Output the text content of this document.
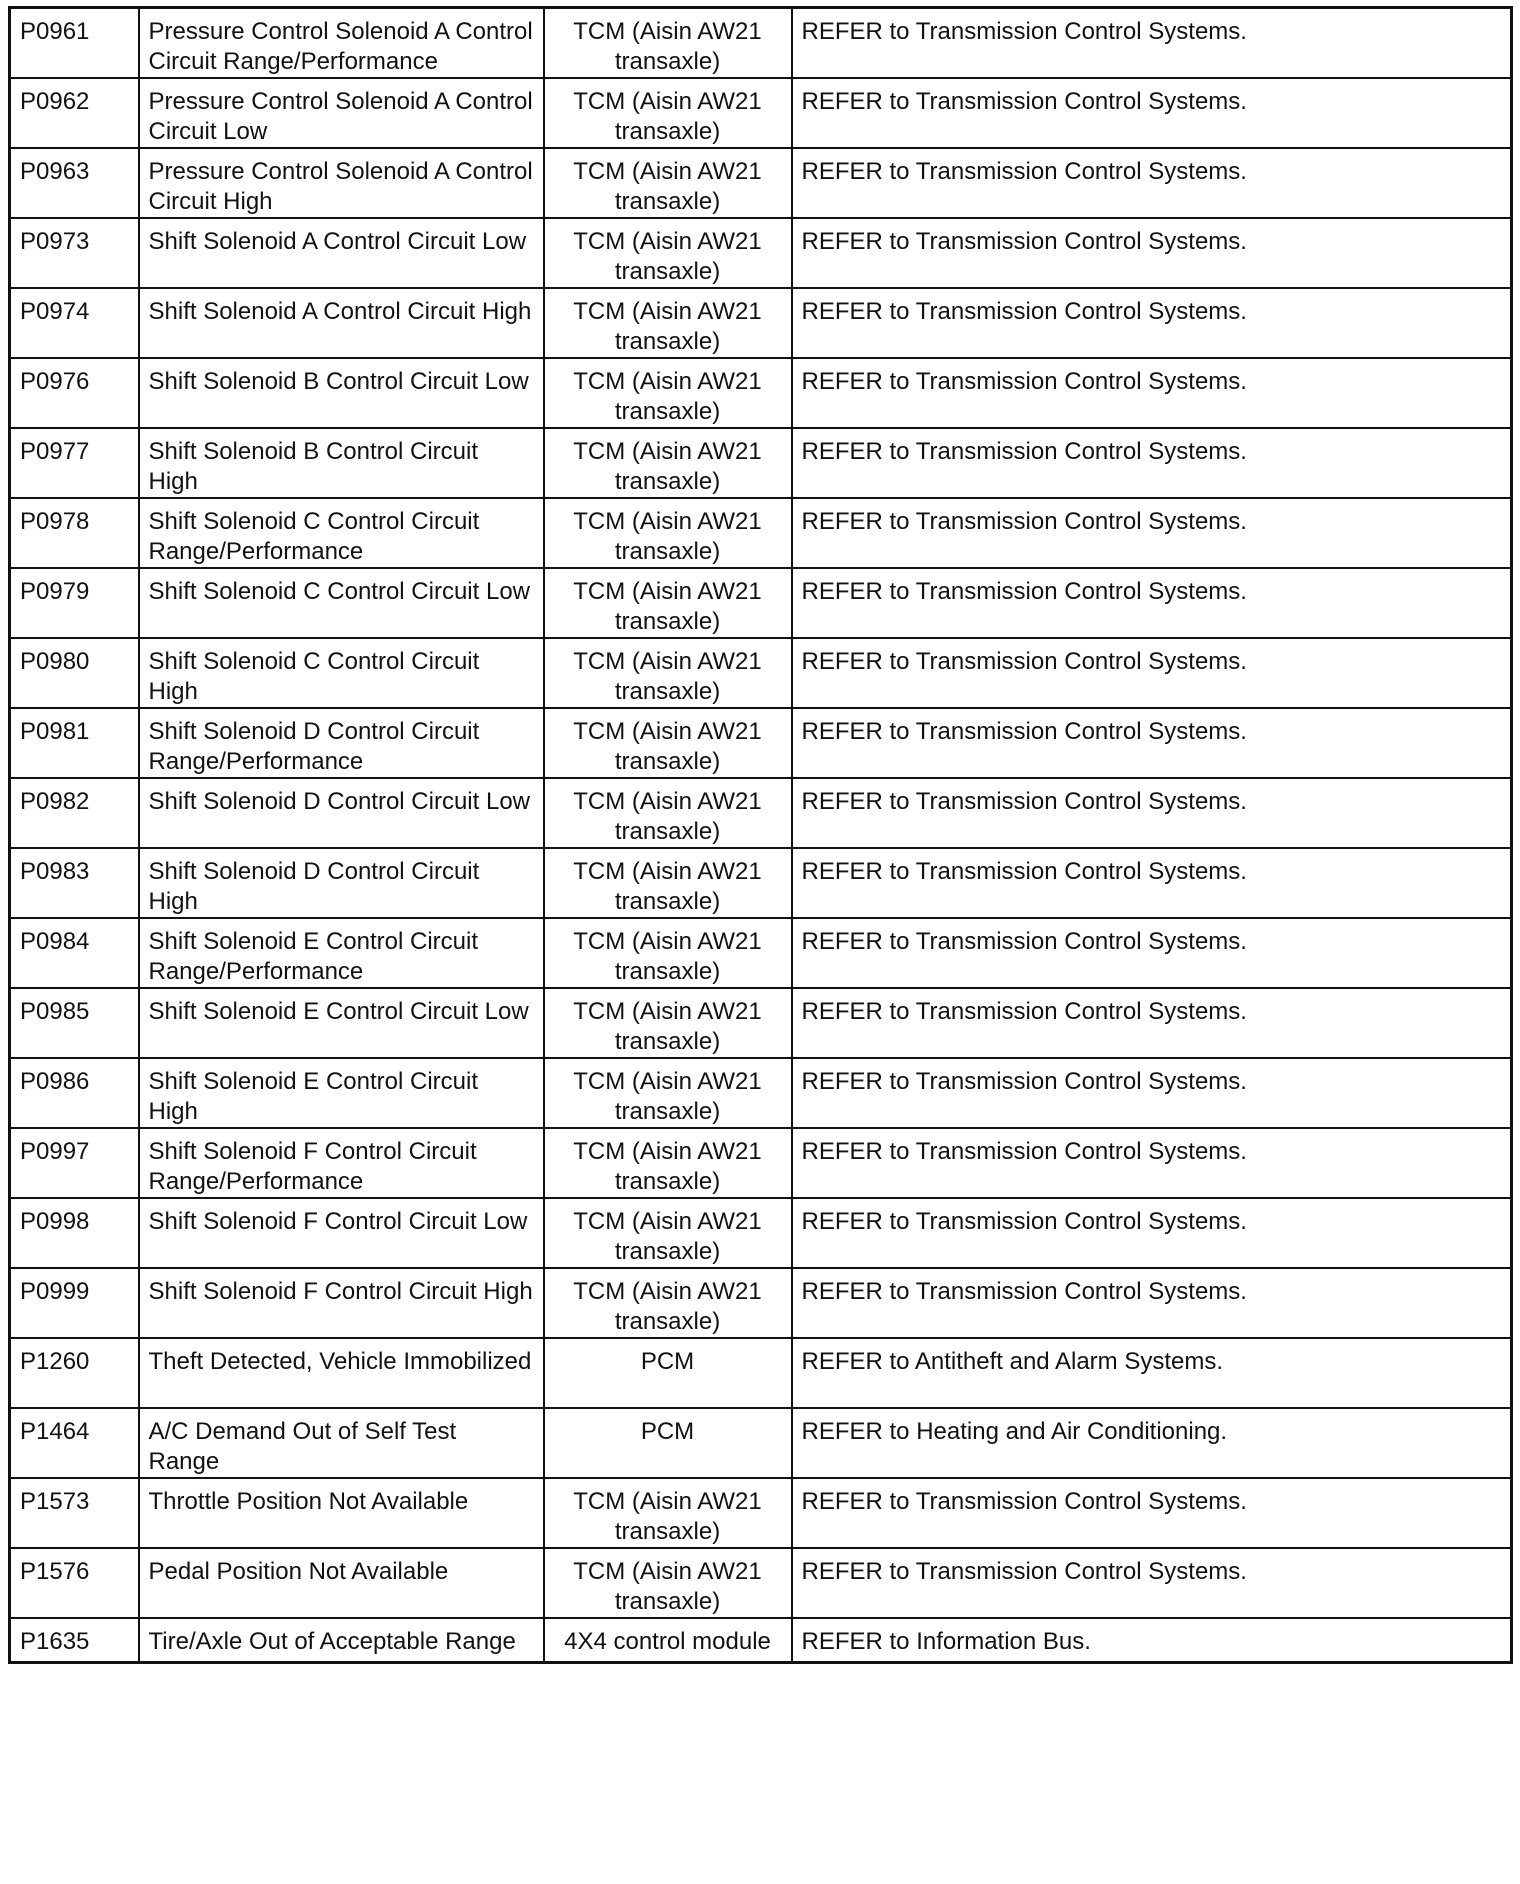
P0961	Pressure Control Solenoid A Control Circuit Range/Performance	TCM (Aisin AW21 transaxle)	REFER to Transmission Control Systems.

P0962	Pressure Control Solenoid A Control Circuit Low	TCM (Aisin AW21 transaxle)	REFER to Transmission Control Systems.

P0963	Pressure Control Solenoid A Control Circuit High	TCM (Aisin AW21 transaxle)	REFER to Transmission Control Systems.

P0973	Shift Solenoid A Control Circuit Low	TCM (Aisin AW21 transaxle)	REFER to Transmission Control Systems.

P0974	Shift Solenoid A Control Circuit High	TCM (Aisin AW21 transaxle)	REFER to Transmission Control Systems.

P0976	Shift Solenoid B Control Circuit Low	TCM (Aisin AW21 transaxle)	REFER to Transmission Control Systems.

P0977	Shift Solenoid B Control Circuit High	TCM (Aisin AW21 transaxle)	REFER to Transmission Control Systems.

P0978	Shift Solenoid C Control Circuit Range/Performance	TCM (Aisin AW21 transaxle)	REFER to Transmission Control Systems.

P0979	Shift Solenoid C Control Circuit Low	TCM (Aisin AW21 transaxle)	REFER to Transmission Control Systems.

P0980	Shift Solenoid C Control Circuit High	TCM (Aisin AW21 transaxle)	REFER to Transmission Control Systems.

P0981	Shift Solenoid D Control Circuit Range/Performance	TCM (Aisin AW21 transaxle)	REFER to Transmission Control Systems.

P0982	Shift Solenoid D Control Circuit Low	TCM (Aisin AW21 transaxle)	REFER to Transmission Control Systems.

P0983	Shift Solenoid D Control Circuit High	TCM (Aisin AW21 transaxle)	REFER to Transmission Control Systems.

P0984	Shift Solenoid E Control Circuit Range/Performance	TCM (Aisin AW21 transaxle)	REFER to Transmission Control Systems.

P0985	Shift Solenoid E Control Circuit Low	TCM (Aisin AW21 transaxle)	REFER to Transmission Control Systems.

P0986	Shift Solenoid E Control Circuit High	TCM (Aisin AW21 transaxle)	REFER to Transmission Control Systems.

P0997	Shift Solenoid F Control Circuit Range/Performance	TCM (Aisin AW21 transaxle)	REFER to Transmission Control Systems.

P0998	Shift Solenoid F Control Circuit Low	TCM (Aisin AW21 transaxle)	REFER to Transmission Control Systems.

P0999	Shift Solenoid F Control Circuit High	TCM (Aisin AW21 transaxle)	REFER to Transmission Control Systems.

P1260	Theft Detected, Vehicle Immobilized	PCM	REFER to Antitheft and Alarm Systems.

P1464	A/C Demand Out of Self Test Range	PCM	REFER to Heating and Air Conditioning.

P1573	Throttle Position Not Available	TCM (Aisin AW21 transaxle)	REFER to Transmission Control Systems.

P1576	Pedal Position Not Available	TCM (Aisin AW21 transaxle)	REFER to Transmission Control Systems.

P1635	Tire/Axle Out of Acceptable Range	4X4 control module	REFER to Information Bus.
